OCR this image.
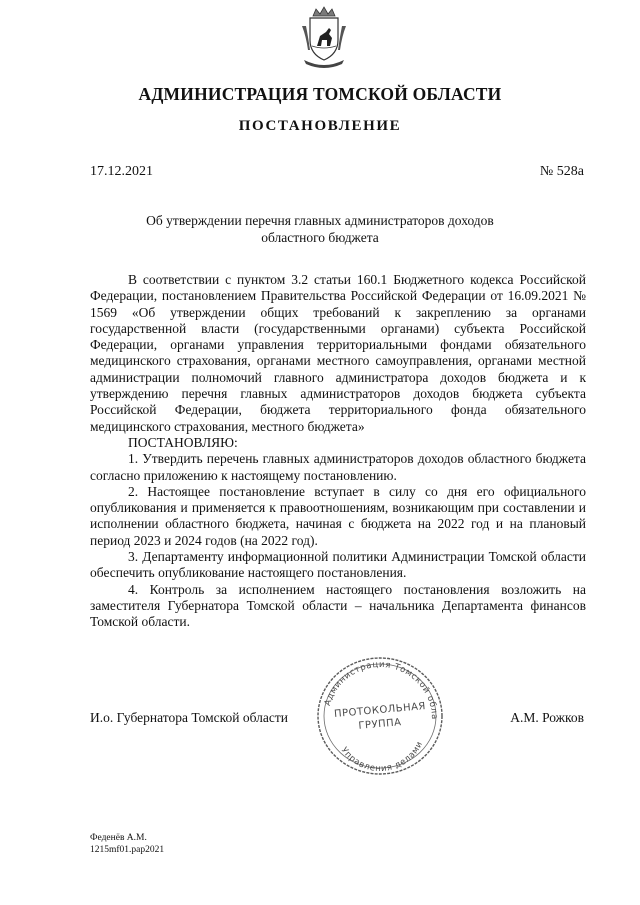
АДМИНИСТРАЦИЯ ТОМСКОЙ ОБЛАСТИ
ПОСТАНОВЛЕНИЕ
17.12.2021	№ 528а
Об утверждении перечня главных администраторов доходов
областного бюджета

В соответствии с пунктом 3.2 статьи 160.1 Бюджетного кодекса Российской Федерации, постановлением Правительства Российской Федерации от 16.09.2021 № 1569 «Об утверждении общих требований к закреплению за органами государственной власти (государственными органами) субъекта Российской Федерации, органами управления территориальными фондами обязательного медицинского страхования, органами местного самоуправления, органами местной администрации полномочий главного администратора доходов бюджета и к утверждению перечня главных администраторов доходов бюджета субъекта Российской Федерации, бюджета территориального фонда обязательного медицинского страхования, местного бюджета»

ПОСТАНОВЛЯЮ:

1. Утвердить перечень главных администраторов доходов областного бюджета согласно приложению к настоящему постановлению.

2. Настоящее постановление вступает в силу со дня его официального опубликования и применяется к правоотношениям, возникающим при составлении и исполнении областного бюджета, начиная с бюджета на 2022 год и на плановый период 2023 и 2024 годов (на 2022 год).

3. Департаменту информационной политики Администрации Томской области обеспечить опубликование настоящего постановления.

4. Контроль за исполнением настоящего постановления возложить на заместителя Губернатора Томской области – начальника Департамента финансов Томской области.

И.о. Губернатора Томской области	А.М. Рожков
Администрация Томской обла
Управления делами
ПРОТОКОЛЬНАЯ
ГРУППА
Феденёв А.М.
1215mf01.pap2021
